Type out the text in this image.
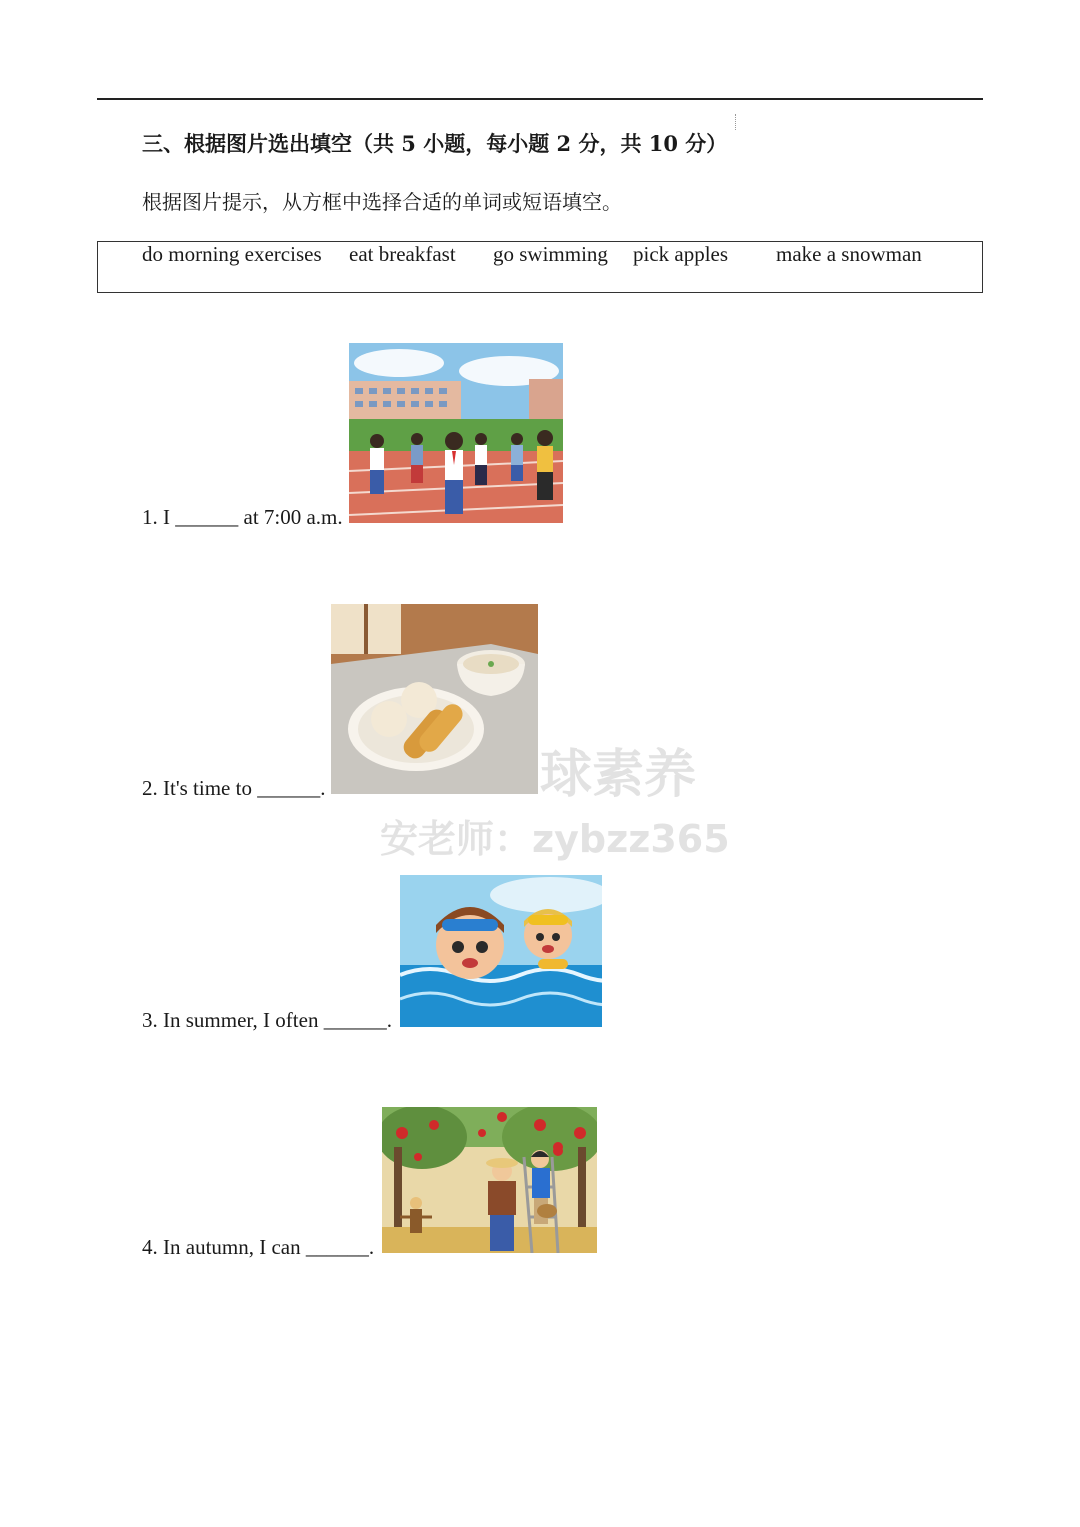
三、根据图片选出填空（共 5 小题，每小题 2 分，共 10 分）
根据图片提示，从方框中选择合适的单词或短语填空。
do morning exercises eat breakfast go swimming pick apples make a snowman
1. I ______ at 7:00 a.m.
2. It's time to ______.
3. In summer, I often ______.
4. In autumn, I can ______.
球素养
安老师：zybzz365
